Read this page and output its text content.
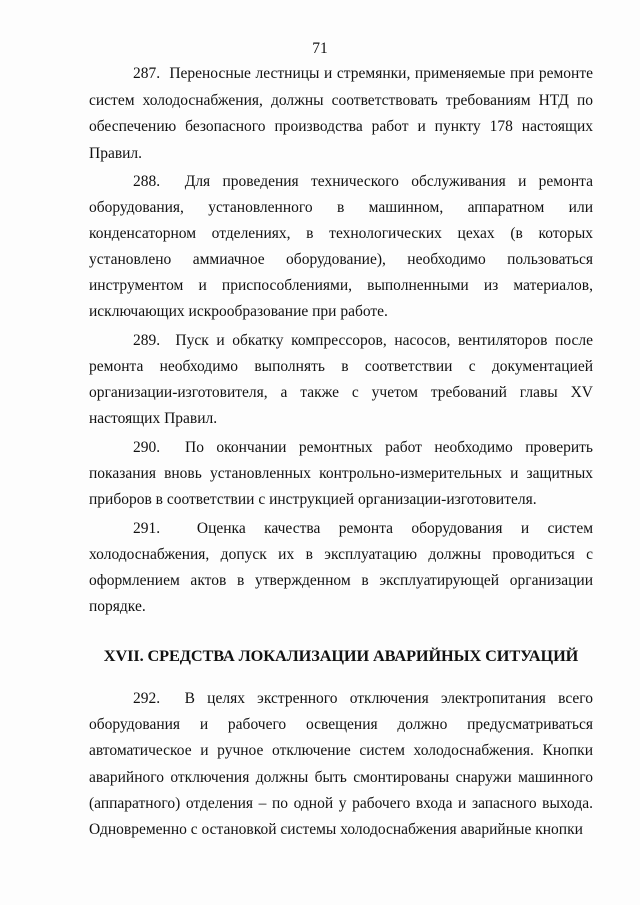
71

287. Переносные лестницы и стремянки, применяемые при ремонте систем холодоснабжения, должны соответствовать требованиям НТД по обеспечению безопасного производства работ и пункту 178 настоящих Правил.

288. Для проведения технического обслуживания и ремонта оборудования, установленного в машинном, аппаратном или конденсаторном отделениях, в технологических цехах (в которых установлено аммиачное оборудование), необходимо пользоваться инструментом и приспособлениями, выполненными из материалов, исключающих искрообразование при работе.

289. Пуск и обкатку компрессоров, насосов, вентиляторов после ремонта необходимо выполнять в соответствии с документацией организации-изготовителя, а также с учетом требований главы XV настоящих Правил.

290. По окончании ремонтных работ необходимо проверить показания вновь установленных контрольно-измерительных и защитных приборов в соответствии с инструкцией организации-изготовителя.

291. Оценка качества ремонта оборудования и систем холодоснабжения, допуск их в эксплуатацию должны проводиться с оформлением актов в утвержденном в эксплуатирующей организации порядке.

XVII. СРЕДСТВА ЛОКАЛИЗАЦИИ АВАРИЙНЫХ СИТУАЦИЙ

292. В целях экстренного отключения электропитания всего оборудования и рабочего освещения должно предусматриваться автоматическое и ручное отключение систем холодоснабжения. Кнопки аварийного отключения должны быть смонтированы снаружи машинного (аппаратного) отделения – по одной у рабочего входа и запасного выхода. Одновременно с остановкой системы холодоснабжения аварийные кнопки
